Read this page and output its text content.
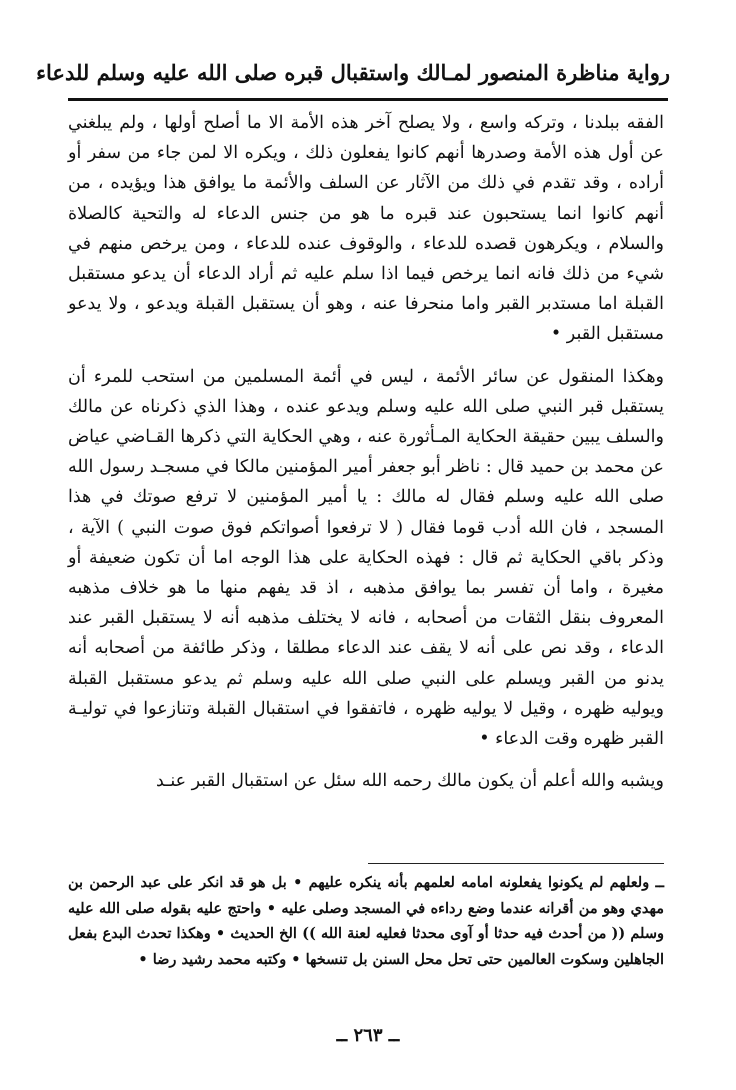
رواية مناظرة المنصور لمـالك واستقبال قبره صلى الله عليه وسلم للدعاء

الفقه ببلدنا ، وتركه واسع ، ولا يصلح آخر هذه الأمة الا ما أصلح أولها ، ولم يبلغني عن أول هذه الأمة وصدرها أنهم كانوا يفعلون ذلك ، ويكره الا لمن جاء من سفر أو أراده ، وقد تقدم في ذلك من الآثار عن السلف والأئمة ما يوافق هذا ويؤيده ، من أنهم كانوا انما يستحبون عند قبره ما هو من جنس الدعاء له والتحية كالصلاة والسلام ، ويكرهون قصده للدعاء ، والوقوف عنده للدعاء ، ومن يرخص منهم في شيء من ذلك فانه انما يرخص فيما اذا سلم عليه ثم أراد الدعاء أن يدعو مستقبل القبلة اما مستدبر القبر واما منحرفا عنه ، وهو أن يستقبل القبلة ويدعو ، ولا يدعو مستقبل القبر •

وهكذا المنقول عن سائر الأئمة ، ليس في أئمة المسلمين من استحب للمرء أن يستقبل قبر النبي صلى الله عليه وسلم ويدعو عنده ، وهذا الذي ذكرناه عن مالك والسلف يبين حقيقة الحكاية المـأثورة عنه ، وهي الحكاية التي ذكرها القـاضي عياض عن محمد بن حميد قال : ناظر أبو جعفر أمير المؤمنين مالكا في مسجـد رسول الله صلى الله عليه وسلم فقال له مالك : يا أمير المؤمنين لا ترفع صوتك في هذا المسجد ، فان الله أدب قوما فقال ( لا ترفعوا أصواتكم فوق صوت النبي ) الآية ، وذكر باقي الحكاية ثم قال : فهذه الحكاية على هذا الوجه اما أن تكون ضعيفة أو مغيرة ، واما أن تفسر بما يوافق مذهبه ، اذ قد يفهم منها ما هو خلاف مذهبه المعروف بنقل الثقات من أصحابه ، فانه لا يختلف مذهبه أنه لا يستقبل القبر عند الدعاء ، وقد نص على أنه لا يقف عند الدعاء مطلقا ، وذكر طائفة من أصحابه أنه يدنو من القبر ويسلم على النبي صلى الله عليه وسلم ثم يدعو مستقبل القبلة ويوليه ظهره ، وقيل لا يوليه ظهره ، فاتفقوا في استقبال القبلة وتنازعوا في توليـة القبر ظهره وقت الدعاء •

ويشبه والله أعلم أن يكون مالك رحمه الله سئل عن استقبال القبر عنـد

ــ ولعلهم لم يكونوا يفعلونه امامه لعلمهم بأنه ينكره عليهم • بل هو قد انكر على عبد الرحمن بن مهدي وهو من أقرانه عندما وضع رداءه في المسجد وصلى عليه • واحتج عليه بقوله صلى الله عليه وسلم (( من أحدث فيه حدثا أو آوى محدثا فعليه لعنة الله )) الخ الحديث • وهكذا تحدث البدع بفعل الجاهلين وسكوت العالمين حتى تحل محل السنن بل تنسخها • وكتبه محمد رشيد رضا •

ــ ٢٦٣ ــ
